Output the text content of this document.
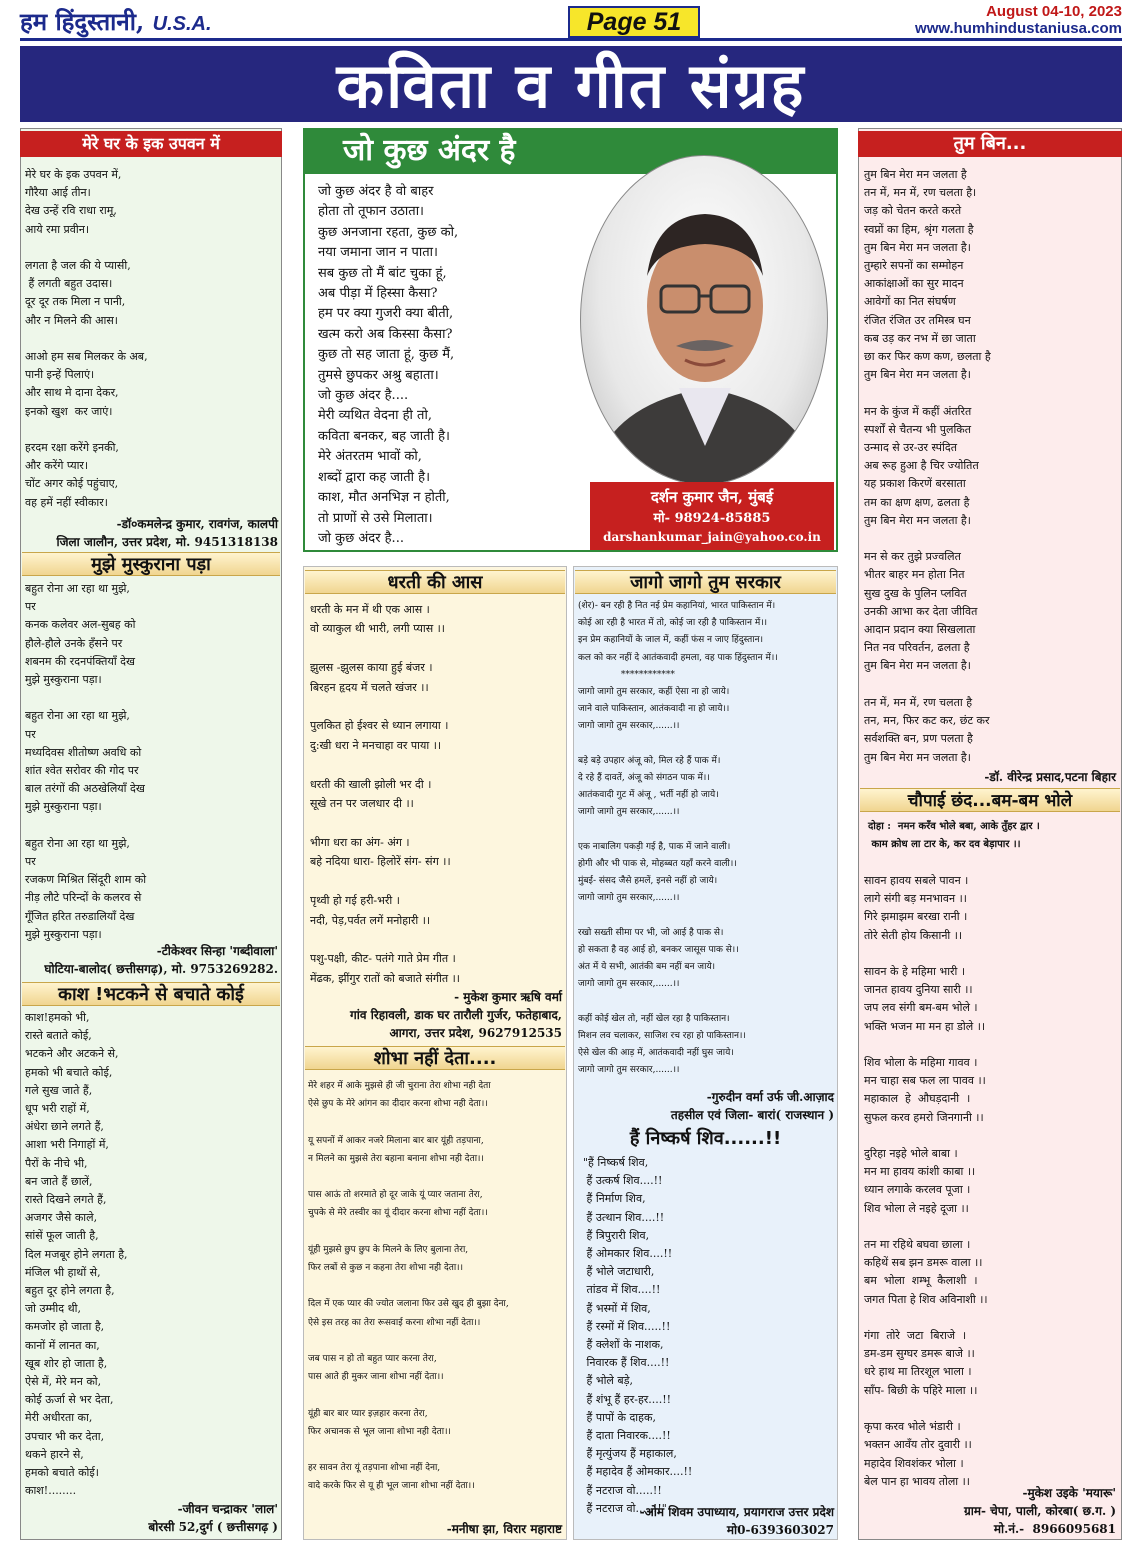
हम हिंदुस्तानी, U.S.A.	Page 51	August 04-10, 2023
www.humhindustaniusa.com
कविता व गीत संग्रह
मेरे घर के इक उपवन में
मेरे घर के इक उपवन में,
गौरैया आई तीन।
देख उन्हें रवि राधा रामू,
आये रमा प्रवीन।

लगता है जल की ये प्यासी,
हैं लगती बहुत उदास।
दूर दूर तक मिला न पानी,
और न मिलने की आस।

आओ हम सब मिलकर के अब,
पानी इन्हें पिलाएं।
और साथ मे दाना देकर,
इनको खुश  कर जाएं।

हरदम रक्षा करेंगे इनकी,
और करेंगे प्यार।
चोंट अगर कोई पहुंचाए,
वह हमें नहीं स्वीकार।
-डॉ०कमलेन्द्र कुमार, रावगंज, कालपी
जिला जालौन, उत्तर प्रदेश, मो. 9451318138
मुझे मुस्कुराना पड़ा
बहुत रोना आ रहा था मुझे,
पर
कनक कलेवर अल-सुबह को
हौले-हौले उनके हँसने पर
शबनम की रदनपंक्तियाँ देख
मुझे मुस्कुराना पड़ा।

बहुत रोना आ रहा था मुझे,
पर
मध्यदिवस शीतोष्ण अवधि को
शांत श्वेत सरोवर की गोद पर
बाल तरंगों की अठखेलियाँ देख
मुझे मुस्कुराना पड़ा।

बहुत रोना आ रहा था मुझे,
पर
रजकण मिश्रित सिंदूरी शाम को
नीड़ लौटे परिन्दों के कलरव से
गूँजित हरित तरुडालियाँ देख
मुझे मुस्कुराना पड़ा।
-टीकेश्वर सिन्हा 'गब्दीवाला'
घोटिया-बालोद( छत्तीसगढ़), मो. 9753269282.
काश !भटकने से बचाते कोई
काश!हमको भी,
रास्ते बताते कोई,
भटकने और अटकने से,
हमको भी बचाते कोई,
गले सुख जाते हैं,
धूप भरी राहों में,
अंधेरा छाने लगते हैं,
आशा भरी निगाहों में,
पैरों के नीचे भी,
बन जाते हैं छालें,
रास्ते दिखने लगते हैं,
अजगर जैसे काले,
सांसें फूल जाती है,
दिल मजबूर होने लगता है,
मंजिल भी हाथों से,
बहुत दूर होने लगता है,
जो उम्मीद थी,
कमजोर हो जाता है,
कानों में लानत का,
खूब शोर हो जाता है,
ऐसे में, मेरे मन को,
कोई ऊर्जा से भर देता,
मेरी अधीरता का,
उपचार भी कर देता,
थकने हारने से,
हमको बचाते कोई।
काश!........
-जीवन चन्द्राकर 'लाल'
बोरसी 52,दुर्ग ( छत्तीसगढ़ )
जो कुछ अंदर है
दर्शन कुमार जैन, मुंबई
मो- 98924-85885
darshankumar_jain@yahoo.co.in
जो कुछ अंदर है वो बाहर
होता तो तूफान उठाता।
कुछ अनजाना रहता, कुछ को,
नया जमाना जान न पाता।
सब कुछ तो मैं बांट चुका हूं,
अब पीड़ा में हिस्सा कैसा?
हम पर क्या गुजरी क्या बीती,
खत्म करो अब किस्सा कैसा?
कुछ तो सह जाता हूं, कुछ मैं,
तुमसे छुपकर अश्रु बहाता।
जो कुछ अंदर है....
मेरी व्यथित वेदना ही तो,
कविता बनकर, बह जाती है।
मेरे अंतरतम भावों को,
शब्दों द्वारा कह जाती है।
काश, मौत अनभिज्ञ न होती,
तो प्राणों से उसे मिलाता।
जो कुछ अंदर है...
धरती की आस
धरती के मन में थी एक आस ।
वो व्याकुल थी भारी, लगी प्यास ।।

झुलस -झुलस काया हुई बंजर ।
बिरहन हृदय में चलते खंजर ।।

पुलकित हो ईश्वर से ध्यान लगाया ।
दु:खी धरा ने मनचाहा वर पाया ।।

धरती की खाली झोली भर दी ।
सूखे तन पर जलधार दी ।।

भीगा धरा का अंग- अंग ।
बहे नदिया धारा- हिलोरें संग- संग ।।

पृथ्वी हो गई हरी-भरी ।
नदी, पेड़,पर्वत लगें मनोहारी ।।

पशु-पक्षी, कीट- पतंगे गाते प्रेम गीत ।
मेंढक, झींगुर रातों को बजाते संगीत ।।
- मुकेश कुमार ऋषि वर्मा
गांव रिहावली, डाक घर तारौली गुर्जर, फतेहाबाद,
आगरा, उत्तर प्रदेश, 9627912535
शोभा नहीं देता....
मेरे शहर में आके मुझसे ही जी चुराना तेरा शोभा नही देता
ऐसे छुप के मेरे आंगन का दीदार करना शोभा नही देता।।

यू सपनों में आकर नजरे मिलाना बार बार यूंही तड़पाना,
न मिलने का मुझसे तेरा बहाना बनाना शोभा नही देता।।

पास आऊं तो शरमाते हो दूर जाके यूं प्यार जताना तेरा,
चुपके से मेरे तस्वीर का यूं दीदार करना शोभा नहीं देता।।

यूंही मुझसे छुप छुप के मिलने के लिए बुलाना तेरा,
फिर लबों से कुछ न कहना तेरा शोभा नही देता।।

दिल में एक प्यार की ज्योत जलाना फिर उसे खुद ही बुझा देना,
ऐसे इस तरह का तेरा रूसवाई करना शोभा नहीं देता।।

जब पास न हो तो बहुत प्यार करना तेरा,
पास आते ही मुकर जाना शोभा नहीं देता।।

यूंही बार बार प्यार इज़हार करना तेरा,
फिर अचानक से भूल जाना शोभा नही देता।।

हर सावन तेरा यूं तड़पाना शोभा नहीं देना,
वादे करके फिर से यू ही भूल जाना शोभा नहीं देता।।
-मनीषा झा, विरार महाराष्ट
जागो जागो तुम सरकार
(शेर)- बन रही है नित नई प्रेम कहानियां, भारत पाकिस्तान में।
कोई आ रही है भारत में तो, कोई जा रही है पाकिस्तान में।।
इन प्रेम कहानियों के जाल में, कहीं फंस न जाए हिंदुस्तान।
कल को कर नहीं दे आतंकवादी हमला, वह पाक हिंदुस्तान में।।
************
जागो जागो तुम सरकार, कहीं ऐसा ना हो जाये।
जाने वाले पाकिस्तान, आतंकवादी ना हो जाये।।
जागो जागो तुम सरकार,......।।

बड़े बड़े उपहार अंजू को, मिल रहे हैं पाक में।
दे रहे हैं दावतें, अंजू को संगठन पाक में।।
आतंकवादी गुट में अंजू , भर्ती नहीं हो जाये।
जागो जागो तुम सरकार,......।।

एक नाबालिग पकड़ी गई है, पाक में जाने वाली।
होगी और भी पाक से, मोहब्बत यहाँ करने वाली।।
मुंबई- संसद जैसे हमलें, इनसे नहीं हो जाये।
जागो जागो तुम सरकार,......।।

रखो सख्ती सीमा पर भी, जो आई है पाक से।
हो सकता है वह आई हो, बनकर जासूस पाक से।।
अंत में ये सभी, आतंकी बम नहीं बन जाये।
जागो जागो तुम सरकार,......।।

कहीं कोई खेल तो, नहीं खेल रहा है पाकिस्तान।
मिशन लव चलाकर, साजिश रच रहा हो पाकिस्तान।।
ऐसे खेल की आड़ में, आतंकवादी नहीं घुस जाये।
जागो जागो तुम सरकार,......।।
-गुरुदीन वर्मा उर्फ जी.आज़ाद
तहसील एवं जिला- बारां( राजस्थान )
हैं निष्कर्ष शिव......!!
"हैं निष्कर्ष शिव,
हैं उत्कर्ष शिव....!!
हैं निर्माण शिव,
हैं उत्थान शिव....!!
हैं त्रिपुरारी शिव,
हैं ओमकार शिव....!!
हैं भोले जटाधारी,
तांडव में शिव....!!
हैं भस्मों में शिव,
हैं रस्मों में शिव.....!!
हैं क्लेशों के नाशक,
निवारक हैं शिव....!!
हैं भोले बड़े,
हैं शंभू हैं हर-हर....!!
हैं पापों के दाहक,
हैं दाता निवारक....!!
हैं मृत्युंजय हैं महाकाल,
हैं महादेव हैं ओमकार....!!
हैं नटराज वो.....!!
हैं नटराज वो.....!!"
-ओम शिवम उपाध्याय, प्रयागराज उत्तर प्रदेश
मो0-6393603027
तुम बिन...
तुम बिन मेरा मन जलता है
तन में, मन में, रण चलता है।
जड़ को चेतन करते करते
स्वप्नों का हिम, श्रृंग गलता है
तुम बिन मेरा मन जलता है।
तुम्हारे सपनों का सम्मोहन
आकांक्षाओं का सुर मादन
आवेगों का नित संघर्षण
रंजित रंजित उर तमिस्त्र घन
कब उड़ कर नभ में छा जाता
छा कर फिर कण कण, छलता है
तुम बिन मेरा मन जलता है।

मन के कुंज में कहीं अंतरित
स्पर्शों से चैतन्य भी पुलकित
उन्माद से उर-उर स्पंदित
अब रूह हुआ है चिर ज्योतित
यह प्रकाश किरणें बरसाता
तम का क्षण क्षण, ढलता है
तुम बिन मेरा मन जलता है।

मन से कर तुझे प्रज्वलित
भीतर बाहर मन होता नित
सुख दुख के पुलिन प्लवित
उनकी आभा कर देता जीवित
आदान प्रदान क्या सिखलाता
नित नव परिवर्तन, ढलता है
तुम बिन मेरा मन जलता है।

तन में, मन में, रण चलता है
तन, मन, फिर कट कर, छंट कर
सर्वशक्ति बन, प्रण पलता है
तुम बिन मेरा मन जलता है।
-डॉ. वीरेन्द्र प्रसाद,पटना बिहार
चौपाई छंद...बम-बम भोले
दोहा :  नमन करँव भोले बबा, आके तुँहर द्वार ।
काम क्रोध ला टार के, कर दव बेड़ापार ।।
सावन हावय सबले पावन ।
लागे संगी बड़ मनभावन ।।
गिरे झमाझम बरखा रानी ।
तोरे सेती होय किसानी ।।

सावन के हे महिमा भारी ।
जानत हावय दुनिया सारी ।।
जप लव संगी बम-बम भोले ।
भक्ति भजन मा मन हा डोले ।।

शिव भोला के महिमा गावव ।
मन चाहा सब फल ला पावव ।।
महाकाल  हे  औघड़दानी  ।
सुफल करव हमरो जिनगानी ।।

दुरिहा नइहे भोले बाबा ।
मन मा हावय कांशी काबा ।।
ध्यान लगाके करलव पूजा ।
शिव भोला ले नइहे दूजा ।।

तन मा रहिथे बघवा छाला ।
कहिथें सब झन डमरू वाला ।।
बम  भोला  शम्भू  कैलाशी  ।
जगत पिता हे शिव अविनाशी ।।

गंगा  तोरे  जटा  बिराजे  ।
डम-डम सुग्घर डमरू बाजे ।।
धरे हाथ मा तिरशूल भाला ।
साँप- बिछी के पहिरे माला ।।

कृपा करव भोले भंडारी ।
भक्तन आवँय तोर दुवारी ।।
महादेव शिवशंकर भोला ।
बेल पान हा भावय तोला ।।
-मुकेश उइके 'मयारू'
ग्राम- चेपा, पाली, कोरबा( छ.ग. )
मो.नं.-  8966095681
